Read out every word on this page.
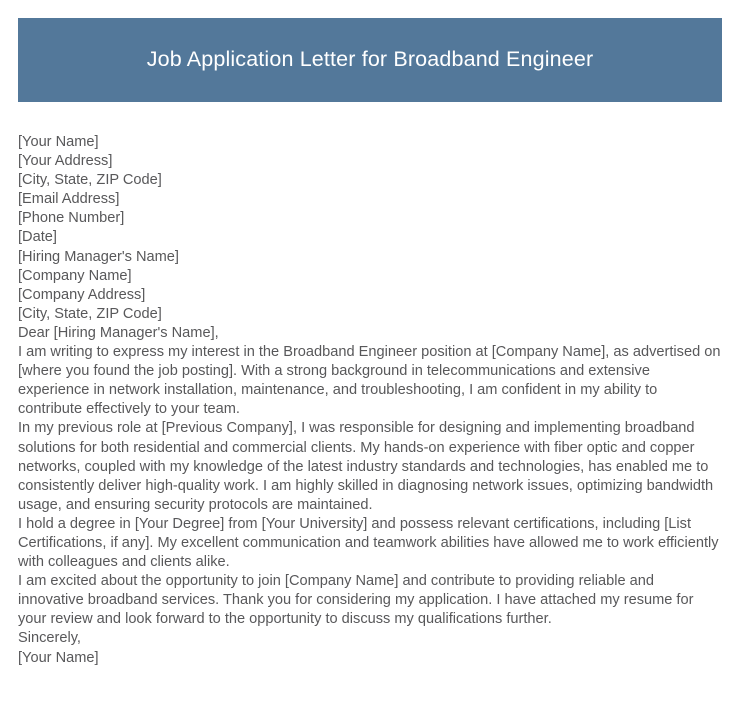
Job Application Letter for Broadband Engineer

[Your Name]

[Your Address]

[City, State, ZIP Code]

[Email Address]

[Phone Number]

[Date]

[Hiring Manager's Name]

[Company Name]

[Company Address]

[City, State, ZIP Code]

Dear [Hiring Manager's Name],

I am writing to express my interest in the Broadband Engineer position at [Company Name], as advertised on [where you found the job posting]. With a strong background in telecommunications and extensive experience in network installation, maintenance, and troubleshooting, I am confident in my ability to contribute effectively to your team.

In my previous role at [Previous Company], I was responsible for designing and implementing broadband solutions for both residential and commercial clients. My hands-on experience with fiber optic and copper networks, coupled with my knowledge of the latest industry standards and technologies, has enabled me to consistently deliver high-quality work. I am highly skilled in diagnosing network issues, optimizing bandwidth usage, and ensuring security protocols are maintained.

I hold a degree in [Your Degree] from [Your University] and possess relevant certifications, including [List Certifications, if any]. My excellent communication and teamwork abilities have allowed me to work efficiently with colleagues and clients alike.

I am excited about the opportunity to join [Company Name] and contribute to providing reliable and innovative broadband services. Thank you for considering my application. I have attached my resume for your review and look forward to the opportunity to discuss my qualifications further.

Sincerely,

[Your Name]
